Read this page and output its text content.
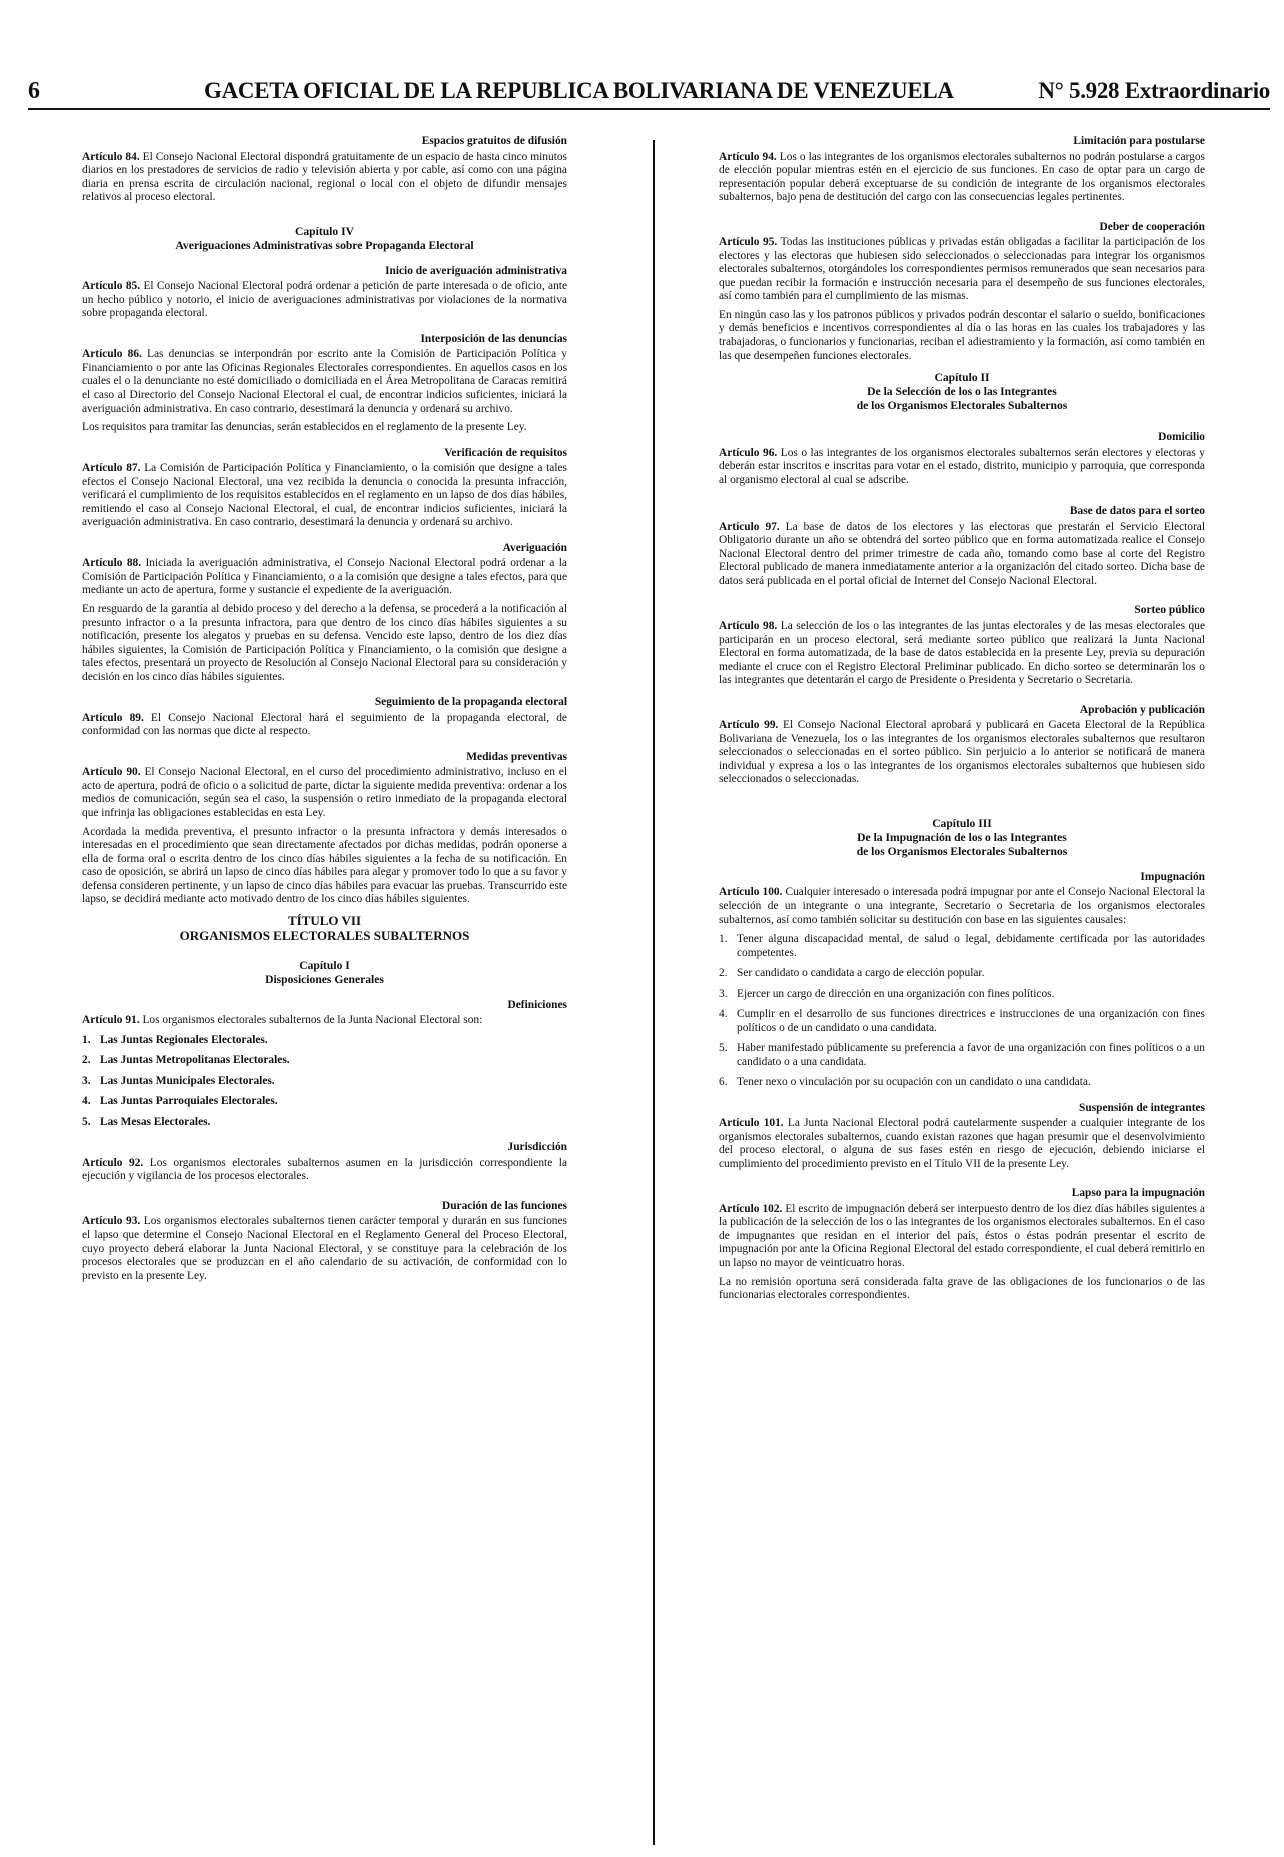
6	GACETA OFICIAL DE LA REPUBLICA BOLIVARIANA DE VENEZUELA	N° 5.928 Extraordinario
Espacios gratuitos de difusión

Artículo 84. El Consejo Nacional Electoral dispondrá gratuitamente de un espacio de hasta cinco minutos diarios en los prestadores de servicios de radio y televisión abierta y por cable, así como con una página diaria en prensa escrita de circulación nacional, regional o local con el objeto de difundir mensajes relativos al proceso electoral.

Capítulo IV
Averiguaciones Administrativas sobre Propaganda Electoral
Inicio de averiguación administrativa

Artículo 85. El Consejo Nacional Electoral podrá ordenar a petición de parte interesada o de oficio, ante un hecho público y notorio, el inicio de averiguaciones administrativas por violaciones de la normativa sobre propaganda electoral.

Interposición de las denuncias

Artículo 86. Las denuncias se interpondrán por escrito ante la Comisión de Participación Política y Financiamiento o por ante las Oficinas Regionales Electorales correspondientes. En aquellos casos en los cuales el o la denunciante no esté domiciliado o domiciliada en el Área Metropolitana de Caracas remitirá el caso al Directorio del Consejo Nacional Electoral el cual, de encontrar indicios suficientes, iniciará la averiguación administrativa. En caso contrario, desestimará la denuncia y ordenará su archivo.

Los requisitos para tramitar las denuncias, serán establecidos en el reglamento de la presente Ley.

Verificación de requisitos

Artículo 87. La Comisión de Participación Política y Financiamiento, o la comisión que designe a tales efectos el Consejo Nacional Electoral, una vez recibida la denuncia o conocida la presunta infracción, verificará el cumplimiento de los requisitos establecidos en el reglamento en un lapso de dos días hábiles, remitiendo el caso al Consejo Nacional Electoral, el cual, de encontrar indicios suficientes, iniciará la averiguación administrativa. En caso contrario, desestimará la denuncia y ordenará su archivo.

Averiguación

Artículo 88. Iniciada la averiguación administrativa, el Consejo Nacional Electoral podrá ordenar a la Comisión de Participación Política y Financiamiento, o a la comisión que designe a tales efectos, para que mediante un acto de apertura, forme y sustancie el expediente de la averiguación.

En resguardo de la garantía al debido proceso y del derecho a la defensa, se procederá a la notificación al presunto infractor o a la presunta infractora, para que dentro de los cinco días hábiles siguientes a su notificación, presente los alegatos y pruebas en su defensa. Vencido este lapso, dentro de los diez días hábiles siguientes, la Comisión de Participación Política y Financiamiento, o la comisión que designe a tales efectos, presentará un proyecto de Resolución al Consejo Nacional Electoral para su consideración y decisión en los cinco días hábiles siguientes.

Seguimiento de la propaganda electoral

Artículo 89. El Consejo Nacional Electoral hará el seguimiento de la propaganda electoral, de conformidad con las normas que dicte al respecto.

Medidas preventivas

Artículo 90. El Consejo Nacional Electoral, en el curso del procedimiento administrativo, incluso en el acto de apertura, podrá de oficio o a solicitud de parte, dictar la siguiente medida preventiva: ordenar a los medios de comunicación, según sea el caso, la suspensión o retiro inmediato de la propaganda electoral que infrinja las obligaciones establecidas en esta Ley.

Acordada la medida preventiva, el presunto infractor o la presunta infractora y demás interesados o interesadas en el procedimiento que sean directamente afectados por dichas medidas, podrán oponerse a ella de forma oral o escrita dentro de los cinco días hábiles siguientes a la fecha de su notificación. En caso de oposición, se abrirá un lapso de cinco días hábiles para alegar y promover todo lo que a su favor y defensa consideren pertinente, y un lapso de cinco días hábiles para evacuar las pruebas. Transcurrido este lapso, se decidirá mediante acto motivado dentro de los cinco días hábiles siguientes.

TÍTULO VII
ORGANISMOS ELECTORALES SUBALTERNOS
Capítulo I
Disposiciones Generales
Definiciones

Artículo 91. Los organismos electorales subalternos de la Junta Nacional Electoral son:

1. Las Juntas Regionales Electorales.
2. Las Juntas Metropolitanas Electorales.
3. Las Juntas Municipales Electorales.
4. Las Juntas Parroquiales Electorales.
5. Las Mesas Electorales.
Jurisdicción

Artículo 92. Los organismos electorales subalternos asumen en la jurisdicción correspondiente la ejecución y vigilancia de los procesos electorales.

Duración de las funciones

Artículo 93. Los organismos electorales subalternos tienen carácter temporal y durarán en sus funciones el lapso que determine el Consejo Nacional Electoral en el Reglamento General del Proceso Electoral, cuyo proyecto deberá elaborar la Junta Nacional Electoral, y se constituye para la celebración de los procesos electorales que se produzcan en el año calendario de su activación, de conformidad con lo previsto en la presente Ley.

Limitación para postularse

Artículo 94. Los o las integrantes de los organismos electorales subalternos no podrán postularse a cargos de elección popular mientras estén en el ejercicio de sus funciones. En caso de optar para un cargo de representación popular deberá exceptuarse de su condición de integrante de los organismos electorales subalternos, bajo pena de destitución del cargo con las consecuencias legales pertinentes.

Deber de cooperación

Artículo 95. Todas las instituciones públicas y privadas están obligadas a facilitar la participación de los electores y las electoras que hubiesen sido seleccionados o seleccionadas para integrar los organismos electorales subalternos, otorgándoles los correspondientes permisos remunerados que sean necesarios para que puedan recibir la formación e instrucción necesaria para el desempeño de sus funciones electorales, así como también para el cumplimiento de las mismas.

En ningún caso las y los patronos públicos y privados podrán descontar el salario o sueldo, bonificaciones y demás beneficios e incentivos correspondientes al día o las horas en las cuales los trabajadores y las trabajadoras, o funcionarios y funcionarias, reciban el adiestramiento y la formación, así como también en las que desempeñen funciones electorales.

Capítulo II
De la Selección de los o las Integrantes
de los Organismos Electorales Subalternos
Domicilio

Artículo 96. Los o las integrantes de los organismos electorales subalternos serán electores y electoras y deberán estar inscritos e inscritas para votar en el estado, distrito, municipio y parroquia, que corresponda al organismo electoral al cual se adscribe.

Base de datos para el sorteo

Artículo 97. La base de datos de los electores y las electoras que prestarán el Servicio Electoral Obligatorio durante un año se obtendrá del sorteo público que en forma automatizada realice el Consejo Nacional Electoral dentro del primer trimestre de cada año, tomando como base al corte del Registro Electoral publicado de manera inmediatamente anterior a la organización del citado sorteo. Dicha base de datos será publicada en el portal oficial de Internet del Consejo Nacional Electoral.

Sorteo público

Artículo 98. La selección de los o las integrantes de las juntas electorales y de las mesas electorales que participarán en un proceso electoral, será mediante sorteo público que realizará la Junta Nacional Electoral en forma automatizada, de la base de datos establecida en la presente Ley, previa su depuración mediante el cruce con el Registro Electoral Preliminar publicado. En dicho sorteo se determinarán los o las integrantes que detentarán el cargo de Presidente o Presidenta y Secretario o Secretaria.

Aprobación y publicación

Artículo 99. El Consejo Nacional Electoral aprobará y publicará en Gaceta Electoral de la República Bolivariana de Venezuela, los o las integrantes de los organismos electorales subalternos que resultaron seleccionados o seleccionadas en el sorteo público. Sin perjuicio a lo anterior se notificará de manera individual y expresa a los o las integrantes de los organismos electorales subalternos que hubiesen sido seleccionados o seleccionadas.

Capítulo III
De la Impugnación de los o las Integrantes
de los Organismos Electorales Subalternos
Impugnación

Artículo 100. Cualquier interesado o interesada podrá impugnar por ante el Consejo Nacional Electoral la selección de un integrante o una integrante, Secretario o Secretaria de los organismos electorales subalternos, así como también solicitar su destitución con base en las siguientes causales:

1. Tener alguna discapacidad mental, de salud o legal, debidamente certificada por las autoridades competentes.
2. Ser candidato o candidata a cargo de elección popular.
3. Ejercer un cargo de dirección en una organización con fines políticos.
4. Cumplir en el desarrollo de sus funciones directrices e instrucciones de una organización con fines políticos o de un candidato o una candidata.
5. Haber manifestado públicamente su preferencia a favor de una organización con fines políticos o a un candidato o a una candidata.
6. Tener nexo o vinculación por su ocupación con un candidato o una candidata.
Suspensión de integrantes

Artículo 101. La Junta Nacional Electoral podrá cautelarmente suspender a cualquier integrante de los organismos electorales subalternos, cuando existan razones que hagan presumir que el desenvolvimiento del proceso electoral, o alguna de sus fases estén en riesgo de ejecución, debiendo iniciarse el cumplimiento del procedimiento previsto en el Título VII de la presente Ley.

Lapso para la impugnación

Artículo 102. El escrito de impugnación deberá ser interpuesto dentro de los diez días hábiles siguientes a la publicación de la selección de los o las integrantes de los organismos electorales subalternos. En el caso de impugnantes que residan en el interior del país, éstos o éstas podrán presentar el escrito de impugnación por ante la Oficina Regional Electoral del estado correspondiente, el cual deberá remitirlo en un lapso no mayor de veinticuatro horas.

La no remisión oportuna será considerada falta grave de las obligaciones de los funcionarios o de las funcionarias electorales correspondientes.
